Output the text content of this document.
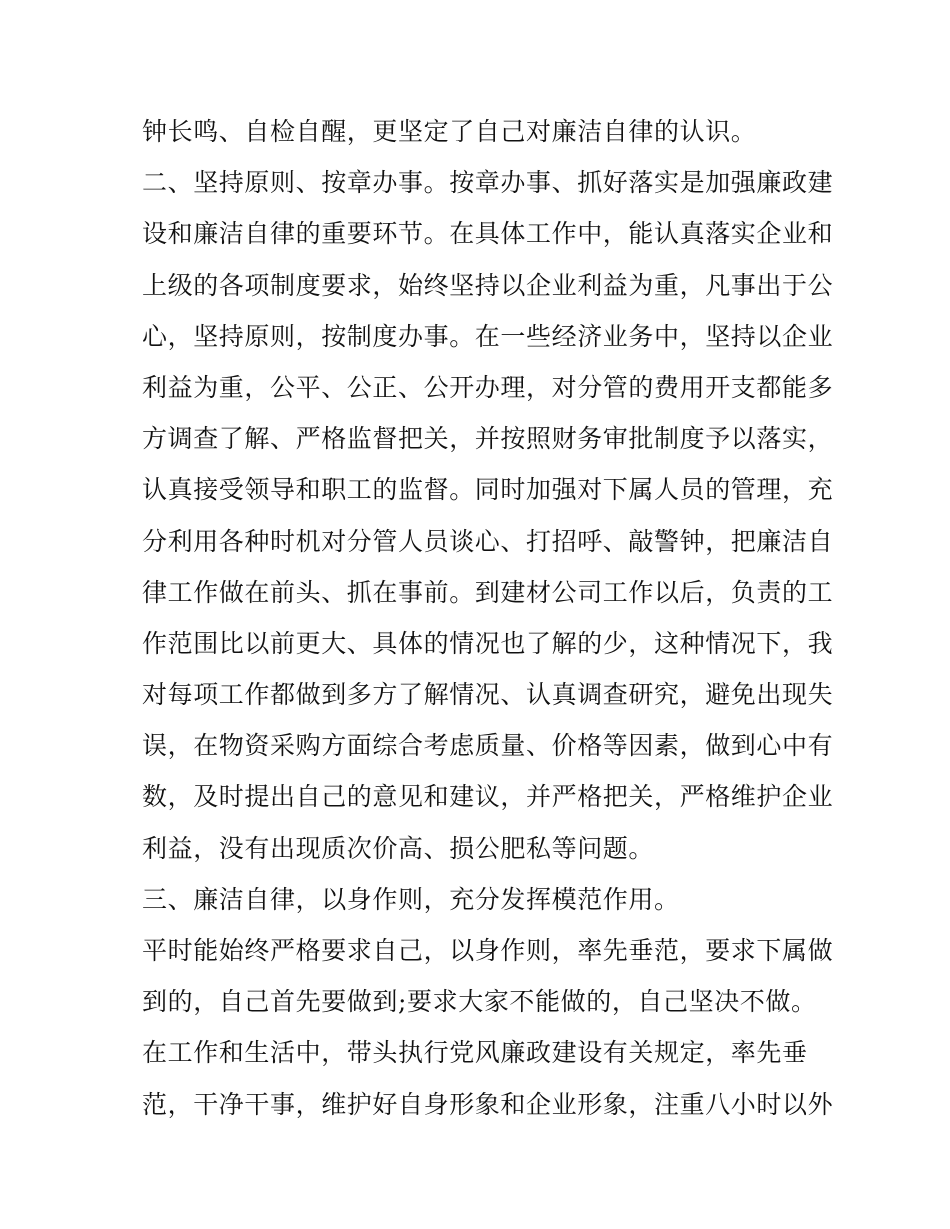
钟长鸣、自检自醒，更坚定了自己对廉洁自律的认识。
二、坚持原则、按章办事。按章办事、抓好落实是加强廉政建
设和廉洁自律的重要环节。在具体工作中，能认真落实企业和
上级的各项制度要求，始终坚持以企业利益为重，凡事出于公
心，坚持原则，按制度办事。在一些经济业务中，坚持以企业
利益为重，公平、公正、公开办理，对分管的费用开支都能多
方调查了解、严格监督把关，并按照财务审批制度予以落实，
认真接受领导和职工的监督。同时加强对下属人员的管理，充
分利用各种时机对分管人员谈心、打招呼、敲警钟，把廉洁自
律工作做在前头、抓在事前。到建材公司工作以后，负责的工
作范围比以前更大、具体的情况也了解的少，这种情况下，我
对每项工作都做到多方了解情况、认真调查研究，避免出现失
误，在物资采购方面综合考虑质量、价格等因素，做到心中有
数，及时提出自己的意见和建议，并严格把关，严格维护企业
利益，没有出现质次价高、损公肥私等问题。
三、廉洁自律，以身作则，充分发挥模范作用。
平时能始终严格要求自己，以身作则，率先垂范，要求下属做
到的，自己首先要做到;要求大家不能做的，自己坚决不做。
在工作和生活中，带头执行党风廉政建设有关规定，率先垂
范，干净干事，维护好自身形象和企业形象，注重八小时以外
